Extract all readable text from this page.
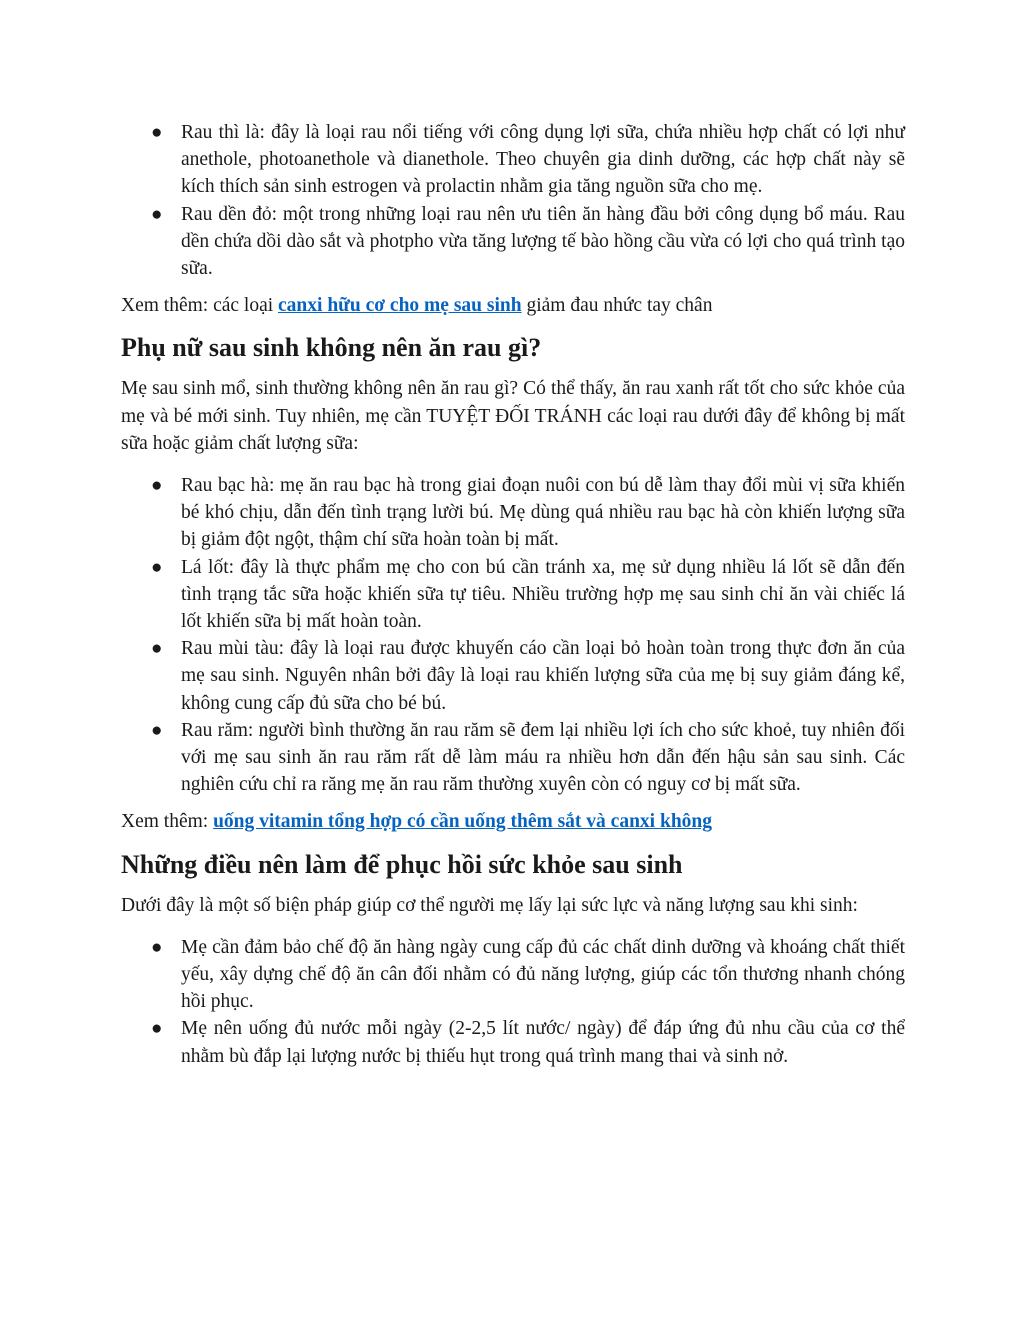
● Rau thì là: đây là loại rau nổi tiếng với công dụng lợi sữa, chứa nhiều hợp chất có lợi như anethole, photoanethole và dianethole. Theo chuyên gia dinh dưỡng, các hợp chất này sẽ kích thích sản sinh estrogen và prolactin nhằm gia tăng nguồn sữa cho mẹ.
● Rau dền đỏ: một trong những loại rau nên ưu tiên ăn hàng đầu bởi công dụng bổ máu. Rau dền chứa dồi dào sắt và photpho vừa tăng lượng tế bào hồng cầu vừa có lợi cho quá trình tạo sữa.

Xem thêm: các loại canxi hữu cơ cho mẹ sau sinh giảm đau nhức tay chân

Phụ nữ sau sinh không nên ăn rau gì?

Mẹ sau sinh mổ, sinh thường không nên ăn rau gì? Có thể thấy, ăn rau xanh rất tốt cho sức khỏe của mẹ và bé mới sinh. Tuy nhiên, mẹ cần TUYỆT ĐỐI TRÁNH các loại rau dưới đây để không bị mất sữa hoặc giảm chất lượng sữa:

● Rau bạc hà: mẹ ăn rau bạc hà trong giai đoạn nuôi con bú dễ làm thay đổi mùi vị sữa khiến bé khó chịu, dẫn đến tình trạng lười bú. Mẹ dùng quá nhiều rau bạc hà còn khiến lượng sữa bị giảm đột ngột, thậm chí sữa hoàn toàn bị mất.
● Lá lốt: đây là thực phẩm mẹ cho con bú cần tránh xa, mẹ sử dụng nhiều lá lốt sẽ dẫn đến tình trạng tắc sữa hoặc khiến sữa tự tiêu. Nhiều trường hợp mẹ sau sinh chỉ ăn vài chiếc lá lốt khiến sữa bị mất hoàn toàn.
● Rau mùi tàu: đây là loại rau được khuyến cáo cần loại bỏ hoàn toàn trong thực đơn ăn của mẹ sau sinh. Nguyên nhân bởi đây là loại rau khiến lượng sữa của mẹ bị suy giảm đáng kể, không cung cấp đủ sữa cho bé bú.
● Rau răm: người bình thường ăn rau răm sẽ đem lại nhiều lợi ích cho sức khoẻ, tuy nhiên đối với mẹ sau sinh ăn rau răm rất dễ làm máu ra nhiều hơn dẫn đến hậu sản sau sinh. Các nghiên cứu chỉ ra răng mẹ ăn rau răm thường xuyên còn có nguy cơ bị mất sữa.

Xem thêm: uống vitamin tổng hợp có cần uống thêm sắt và canxi không

Những điều nên làm để phục hồi sức khỏe sau sinh

Dưới đây là một số biện pháp giúp cơ thể người mẹ lấy lại sức lực và năng lượng sau khi sinh:

● Mẹ cần đảm bảo chế độ ăn hàng ngày cung cấp đủ các chất dinh dưỡng và khoáng chất thiết yếu, xây dựng chế độ ăn cân đối nhằm có đủ năng lượng, giúp các tổn thương nhanh chóng hồi phục.
● Mẹ nên uống đủ nước mỗi ngày (2-2,5 lít nước/ ngày) để đáp ứng đủ nhu cầu của cơ thể nhằm bù đắp lại lượng nước bị thiếu hụt trong quá trình mang thai và sinh nở.
